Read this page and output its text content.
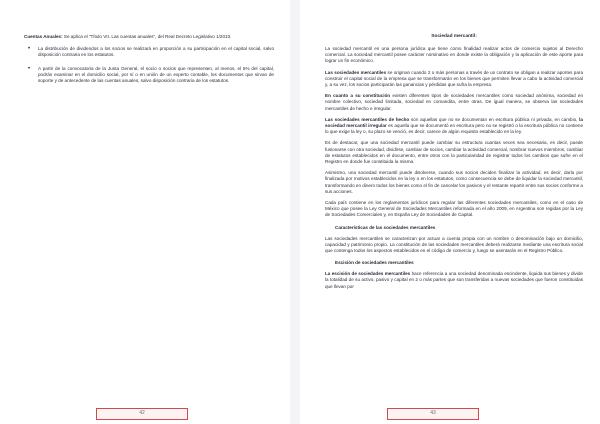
Cuentas Anuales: Se aplica el “Título VII. Las cuentas anuales”, del Real Decreto Legislativo 1/2010.

• La distribución de dividendos a los socios se realizará en proporción a su participación en el capital social, salvo disposición contraria en los estatutos.

• A partir de la convocatoria de la Junta General, el socio o socios que representen, al menos, el 5% del capital, podrán examinar en el domicilio social, por sí o en unión de un experto contable, los documentos que sirvan de soporte y de antecedente de las cuentas anuales, salvo disposición contraria de los estatutos.

42

Sociedad mercantil:

La sociedad mercantil es una persona jurídica que tiene como finalidad realizar actos de comercio sujetos al Derecho comercial. La sociedad mercantil posee carácter nominativo en donde existe la obligación y la aplicación de este aporte para lograr un fin económico.

Las sociedades mercantiles se originan cuando 2 o más personas a través de un contrato se obligan a realizar aportes para construir el capital social de la empresa que se transformarán en los bienes que permiten llevar a cabo la actividad comercial y, a su vez, los socios participarán las ganancias y pérdidas que sufra la empresa.

En cuanto a su constitución existen diferentes tipos de sociedades mercantiles como sociedad anónima, sociedad en nombre colectivo, sociedad limitada, sociedad en comandita, entre otras. De igual manera, se observa las sociedades mercantiles de hecho e irregular.

Las sociedades mercantiles de hecho son aquellas que no se documentan en escritura pública ni privada, en cambio, la sociedad mercantil irregular es aquella que se documentó en escritura pero no se registró o la escritura pública no contiene lo que exige la ley o, su plazo se venció, es decir, carece de algún requisito establecido en la ley.

Es de destacar, que una sociedad mercantil puede cambiar su estructura cuantas veces sea necesaria, es decir, puede fusionarse con otra sociedad, dividirse, cambiar de socios, cambiar la actividad comercial, nombrar nuevos miembros, cambiar de estatutos establecidos en el documento, entre otros con la particularidad de registrar todos los cambios que sufre en el Registro en donde fue constituida la misma.

Asimismo, una sociedad mercantil puede disolverse, cuando sus socios deciden finalizar la actividad, es decir, darla por finalizada por motivos establecidos en la ley o en los estatutos, como consecuencia se debe de liquidar la sociedad mercantil, transformando en dinero todos los bienes como el fin de cancelar los pasivos y el restante repartir entre sus socios conforme a sus acciones.

Cada país contiene en los reglamentos jurídicos para regular las diferentes sociedades mercantiles, como en el caso de México que posee la Ley General de Sociedades Mercantiles reformada en el año 2009, en Argentina son regidas por la Ley de Sociedades Comerciales y, en España Ley de Sociedades de Capital.

Características de las sociedades mercantiles

Las sociedades mercantiles se caracterizan por actuar a cuenta propia con un nombre o denominación bajo un domicilio, capacidad y patrimonio propio. La constitución de las sociedades mercantiles deberá realizarse mediante una escritura social que contenga todos los aspectos establecidos en el código de comercio y, luego se asentarán en el Registro Público.

Escisión de sociedades mercantiles

La escisión de sociedades mercantiles hace referencia a una sociedad denominada escindente, liquida sus bienes y divide la totalidad de su activo, pasivo y capital en 2 o más partes que son transferidas a nuevas sociedades que fueron constituidas que llevan por

43
